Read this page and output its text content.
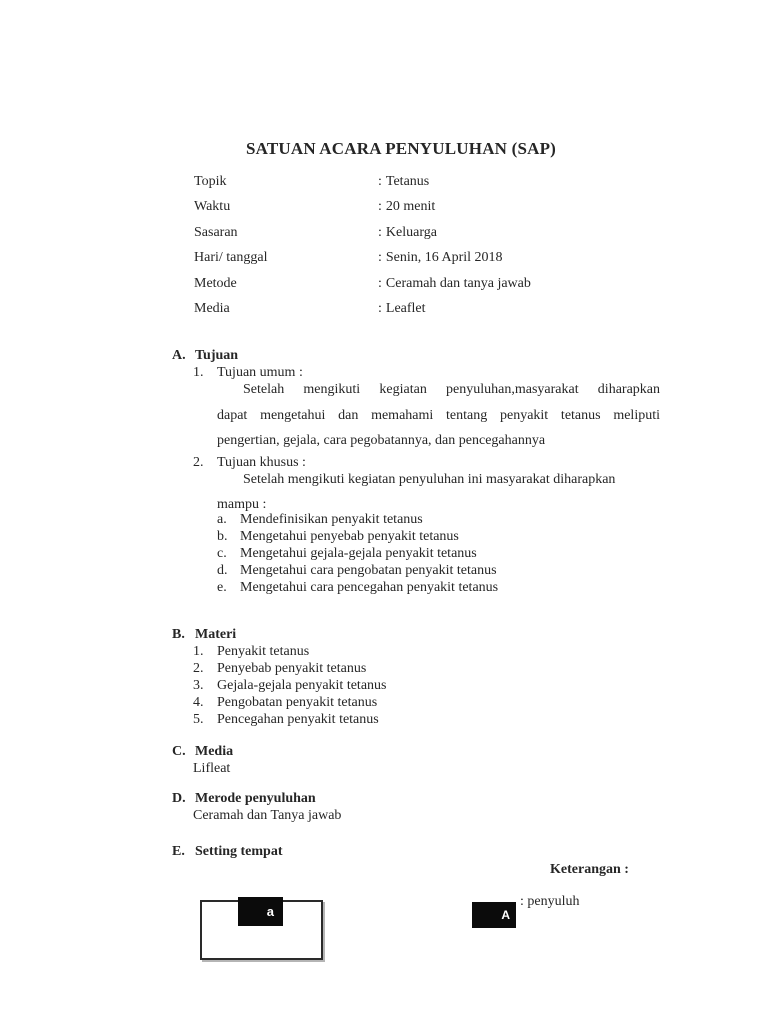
SATUAN ACARA PENYULUHAN (SAP)
Topik	: Tetanus
Waktu	: 20 menit
Sasaran	: Keluarga
Hari/ tanggal	: Senin, 16 April 2018
Metode	: Ceramah dan tanya jawab
Media	: Leaflet
A. Tujuan
1. Tujuan umum :
Setelah mengikuti kegiatan penyuluhan,masyarakat diharapkan
dapat mengetahui dan memahami tentang penyakit tetanus meliputi
pengertian, gejala, cara pegobatannya, dan pencegahannya
2. Tujuan khusus :
Setelah mengikuti kegiatan penyuluhan ini masyarakat diharapkan
mampu :
a. Mendefinisikan penyakit tetanus
b. Mengetahui penyebab penyakit tetanus
c. Mengetahui gejala-gejala penyakit tetanus
d. Mengetahui cara pengobatan penyakit tetanus
e. Mengetahui cara pencegahan penyakit tetanus
B. Materi
1. Penyakit tetanus
2. Penyebab penyakit tetanus
3. Gejala-gejala penyakit tetanus
4. Pengobatan penyakit tetanus
5. Pencegahan penyakit tetanus
C. Media
Lifleat
D. Merode penyuluhan
Ceramah dan Tanya jawab
E. Setting tempat
Keterangan :
a	A
: penyuluh
